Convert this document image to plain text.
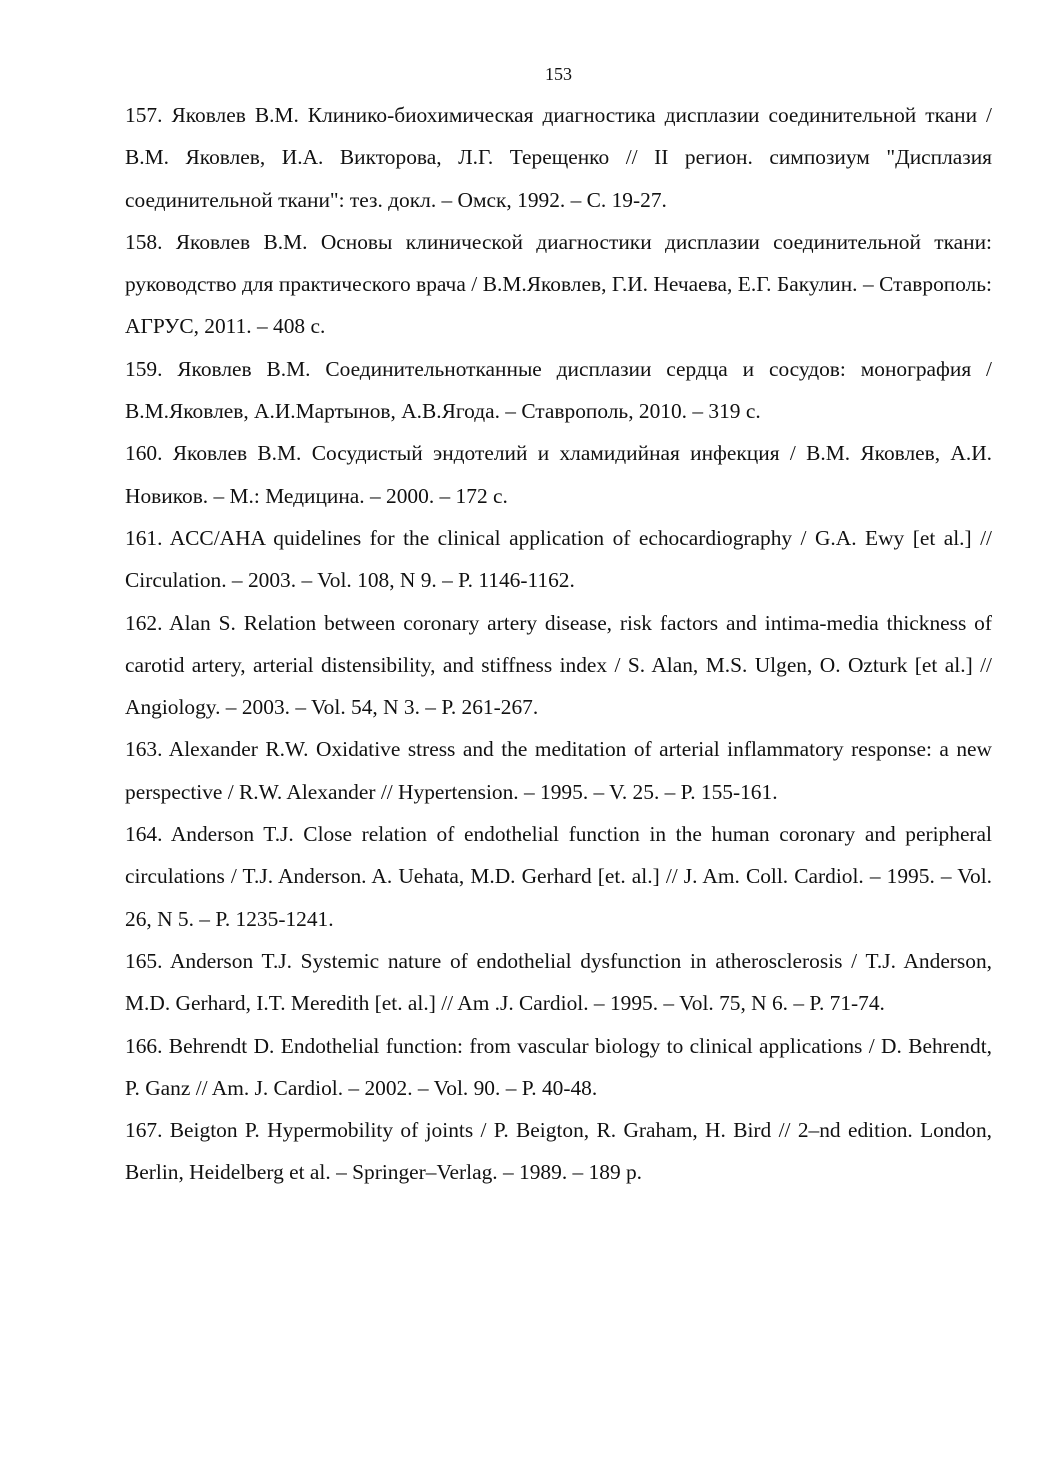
153

157. Яковлев В.М. Клинико-биохимическая диагностика дисплазии соединительной ткани / В.М. Яковлев, И.А. Викторова, Л.Г. Терещенко // II регион. симпозиум "Дисплазия соединительной ткани": тез. докл. – Омск, 1992. – С. 19-27.

158. Яковлев В.М. Основы клинической диагностики дисплазии соединительной ткани: руководство для практического врача / В.М.Яковлев, Г.И. Нечаева, Е.Г. Бакулин. – Ставрополь: АГРУС, 2011. – 408 с.

159. Яковлев В.М. Соединительнотканные дисплазии сердца и сосудов: монография / В.М.Яковлев, А.И.Мартынов, А.В.Ягода. – Ставрополь, 2010. – 319 с.

160. Яковлев В.М. Сосудистый эндотелий и хламидийная инфекция / В.М. Яковлев, А.И. Новиков. – М.: Медицина. – 2000. – 172 с.

161. ACC/AHA quidelines for the clinical application of echocardiography / G.A. Ewy [et al.] // Circulation. – 2003. – Vol. 108, N 9. – P. 1146-1162.

162. Alan S. Relation between coronary artery disease, risk factors and intima-media thickness of carotid artery, arterial distensibility, and stiffness index / S. Alan, M.S. Ulgen, O. Ozturk [et al.] // Angiology. – 2003. – Vol. 54, N 3. – P. 261-267.

163. Alexander R.W. Oxidative stress and the meditation of arterial inflammatory response: a new perspective / R.W. Alexander // Hypertension. – 1995. – V. 25. – P. 155-161.

164. Anderson T.J. Close relation of endothelial function in the human coronary and peripheral circulations / T.J. Anderson. A. Uehata, M.D. Gerhard [et. al.] // J. Am. Coll. Cardiol. – 1995. – Vol. 26, N 5. – P. 1235-1241.

165. Anderson T.J. Systemic nature of endothelial dysfunction in atherosclerosis / T.J. Anderson, M.D. Gerhard, I.T. Meredith [et. al.] // Am .J. Cardiol. – 1995. – Vol. 75, N 6. – P. 71-74.

166. Behrendt D. Endothelial function: from vascular biology to clinical applications / D. Behrendt, P. Ganz // Am. J. Cardiol. – 2002. – Vol. 90. – P. 40-48.

167. Beigton P. Hypermobility of joints / P. Beigton, R. Graham, H. Bird // 2–nd edition. London, Berlin, Heidelberg et al. – Springer–Verlag. – 1989. – 189 p.
